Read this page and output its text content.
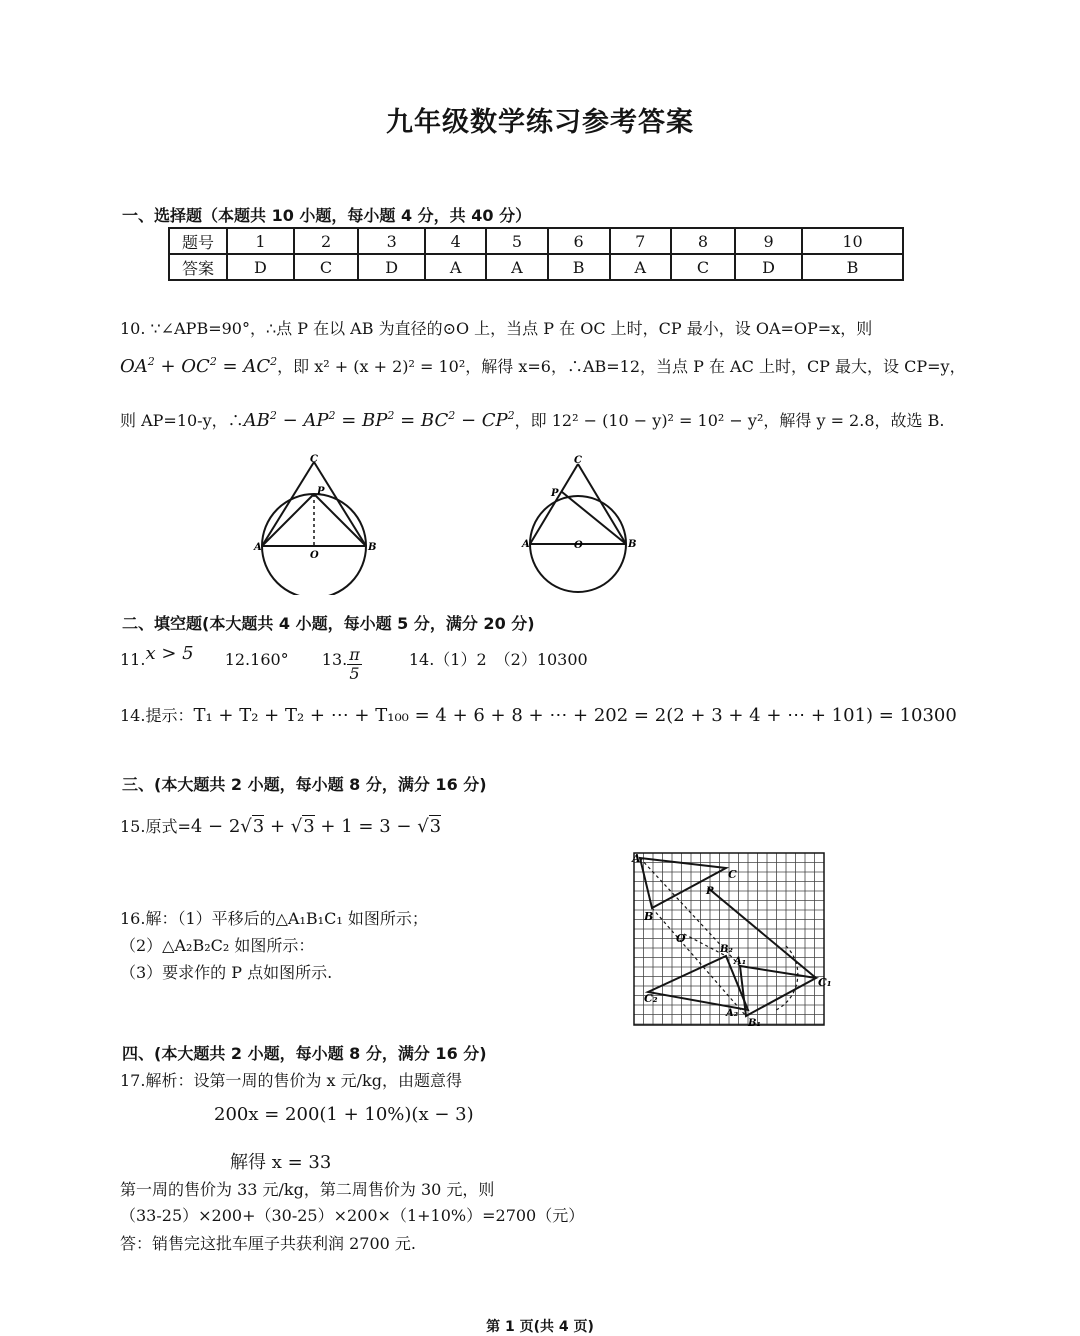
九年级数学练习参考答案
一、选择题（本题共 10 小题，每小题 4 分，共 40 分）
题号	1	2	3	4	5	6	7	8	9	10
答案	D	C	D	A	A	B	A	C	D	B
10. ∵∠APB=90°，∴点 P 在以 AB 为直径的⊙O 上，当点 P 在 OC 上时，CP 最小，设 OA=OP=x，则
$OA^2 + OC^2 = AC^2$，即 x² + (x + 2)² = 10²，解得 x=6，∴AB=12，当点 P 在 AC 上时，CP 最大，设 CP=y，
则 AP=10-y，$\therefore AB^2 - AP^2 = BP^2 = BC^2 - CP^2$，即 12² − (10 − y)² = 10² − y²，解得 y = 2.8，故选 B.
C
P
A
O
B
C
P
A	O	B
二、填空题(本大题共 4 小题，每小题 5 分，满分 20 分)
11.x > 5 12.160° 13. $\frac{\pi}{5}$	14.（1）2　（2）10300
14.提示：T₁ + T₂ + T₂ + ⋯ + T₁₀₀ = 4 + 6 + 8 + ⋯ + 202 = 2(2 + 3 + 4 + ⋯ + 101) = 10300
三、(本大题共 2 小题，每小题 8 分，满分 16 分)
15.原式=4 − 2√3 + √3 + 1 = 3 − √3
16.解：（1）平移后的△A₁B₁C₁ 如图所示；
（2）△A₂B₂C₂ 如图所示：
（3）要求作的 P 点如图所示.
A
C
P
B
O
B₂
A₁
C₁
C₂
A₂
B₁
四、(本大题共 2 小题，每小题 8 分，满分 16 分)
17.解析：设第一周的售价为 x 元/kg，由题意得
200x = 200(1 + 10%)(x − 3)
解得 x = 33
第一周的售价为 33 元/kg，第二周售价为 30 元，则
（33-25）×200+（30-25）×200×（1+10%）=2700（元）
答：销售完这批车厘子共获利润 2700 元.
第 1 页(共 4 页)
